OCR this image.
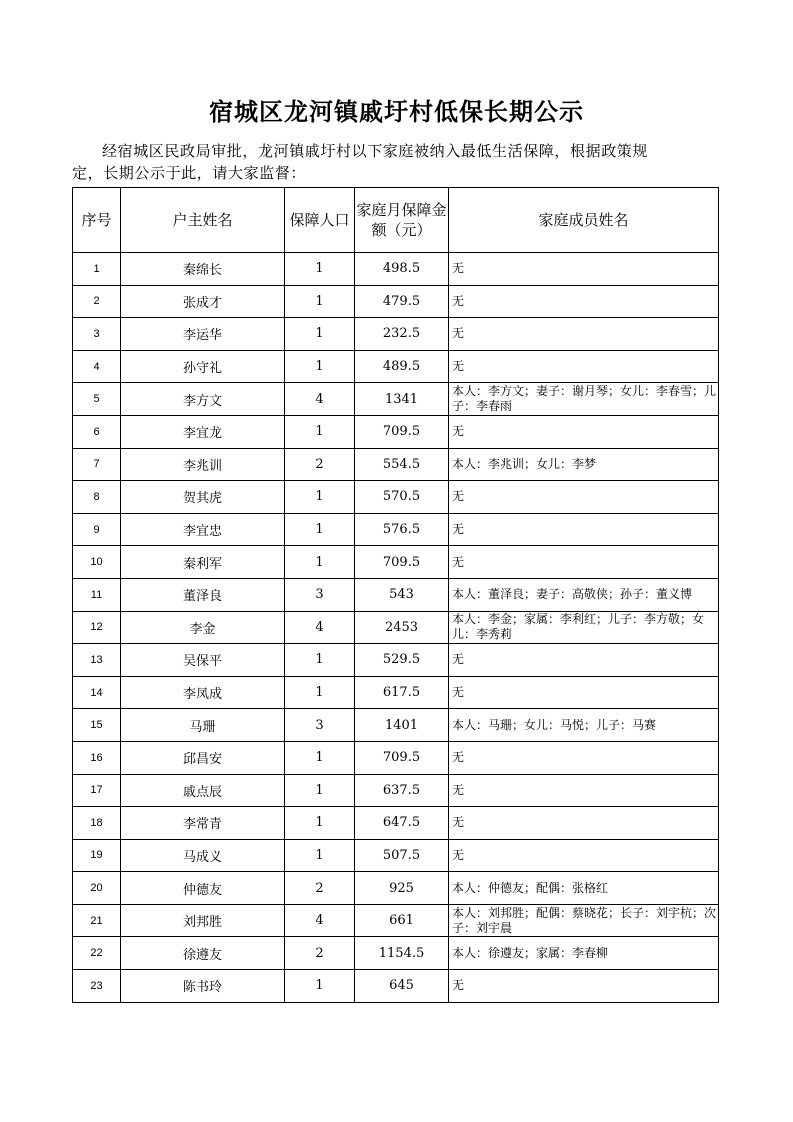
宿城区龙河镇戚圩村低保长期公示
经宿城区民政局审批，龙河镇戚圩村以下家庭被纳入最低生活保障，根据政策规定，长期公示于此，请大家监督：
序号	户主姓名	保障人口	家庭月保障金额（元）	家庭成员姓名
1	秦绵长	1	498.5	无
2	张成才	1	479.5	无
3	李运华	1	232.5	无
4	孙守礼	1	489.5	无
5	李方文	4	1341	本人：李方文；妻子：谢月琴；女儿：李春雪；儿子：李春雨
6	李宜龙	1	709.5	无
7	李兆训	2	554.5	本人：李兆训；女儿：李梦
8	贺其虎	1	570.5	无
9	李宜忠	1	576.5	无
10	秦利军	1	709.5	无
11	董泽良	3	543	本人：董泽良；妻子：高敬侠；孙子：董义博
12	李金	4	2453	本人：李金；家属：李利红；儿子：李方敬；女儿：李秀莉
13	吴保平	1	529.5	无
14	李凤成	1	617.5	无
15	马珊	3	1401	本人：马珊；女儿：马悦；儿子：马赛
16	邱昌安	1	709.5	无
17	戚点辰	1	637.5	无
18	李常青	1	647.5	无
19	马成义	1	507.5	无
20	仲德友	2	925	本人：仲德友；配偶：张格红
21	刘邦胜	4	661	本人：刘邦胜；配偶：蔡晓花；长子：刘宇杭；次子：刘宇晨
22	徐遵友	2	1154.5	本人：徐遵友；家属：李春柳
23	陈书玲	1	645	无
